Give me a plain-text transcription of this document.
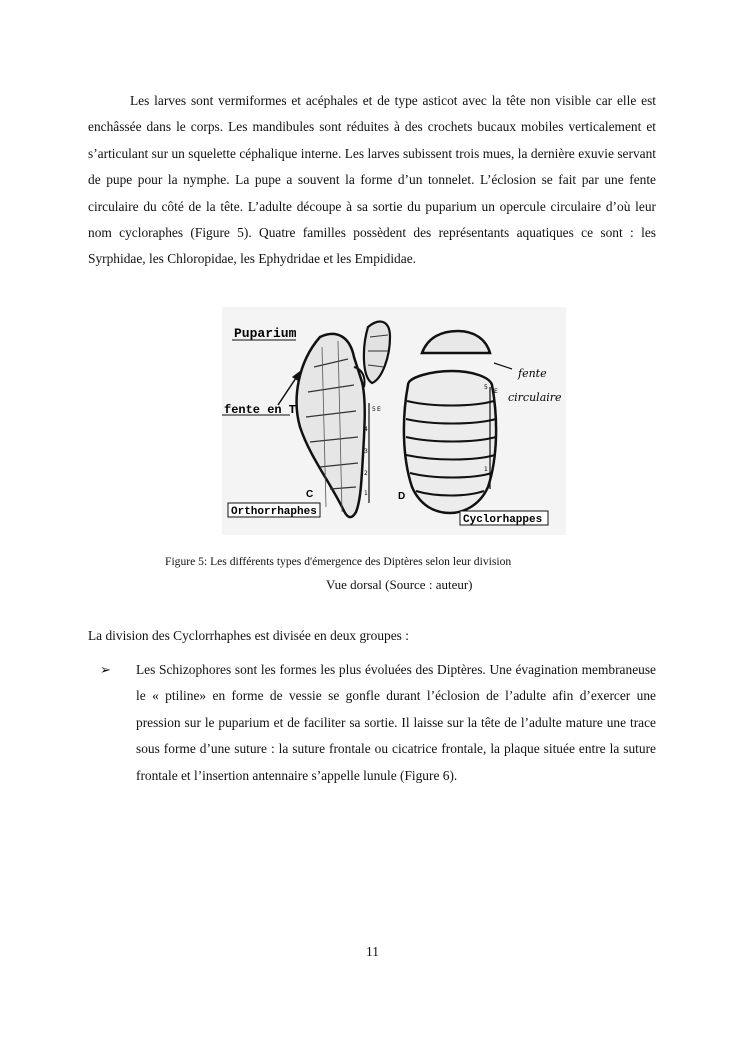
Les larves sont vermiformes et acéphales et de type asticot avec la tête non visible car elle est enchâssée dans le corps. Les mandibules sont réduites à des crochets bucaux mobiles verticalement et s’articulant sur un squelette céphalique interne. Les larves subissent trois mues, la dernière exuvie servant de pupe pour la nymphe. La pupe a souvent la forme d’un tonnelet. L’éclosion se fait par une fente circulaire du côté de la tête. L’adulte découpe à sa sortie du puparium un opercule circulaire d’où leur nom cycloraphes (Figure 5). Quatre familles possèdent des représentants aquatiques ce sont : les Syrphidae, les Chloropidae, les Ephydridae et les Empididae.

Puparium
fente en T	5 E
4
3
2
1
C
Orthorrhaphes
fente
circulaire
5
E
1
D
Cyclorhappes

Figure 5: Les différents types d'émergence des Diptères selon leur division

Vue dorsal (Source : auteur)

La division des Cyclorrhaphes est divisée en deux groupes :

➢ Les Schizophores sont les formes les plus évoluées des Diptères. Une évagination membraneuse le « ptiline» en forme de vessie se gonfle durant l’éclosion de l’adulte afin d’exercer une pression sur le puparium et de faciliter sa sortie. Il laisse sur la tête de l’adulte mature une trace sous forme d’une suture : la suture frontale ou cicatrice frontale, la plaque située entre la suture frontale et l’insertion antennaire s’appelle lunule (Figure 6).

11
